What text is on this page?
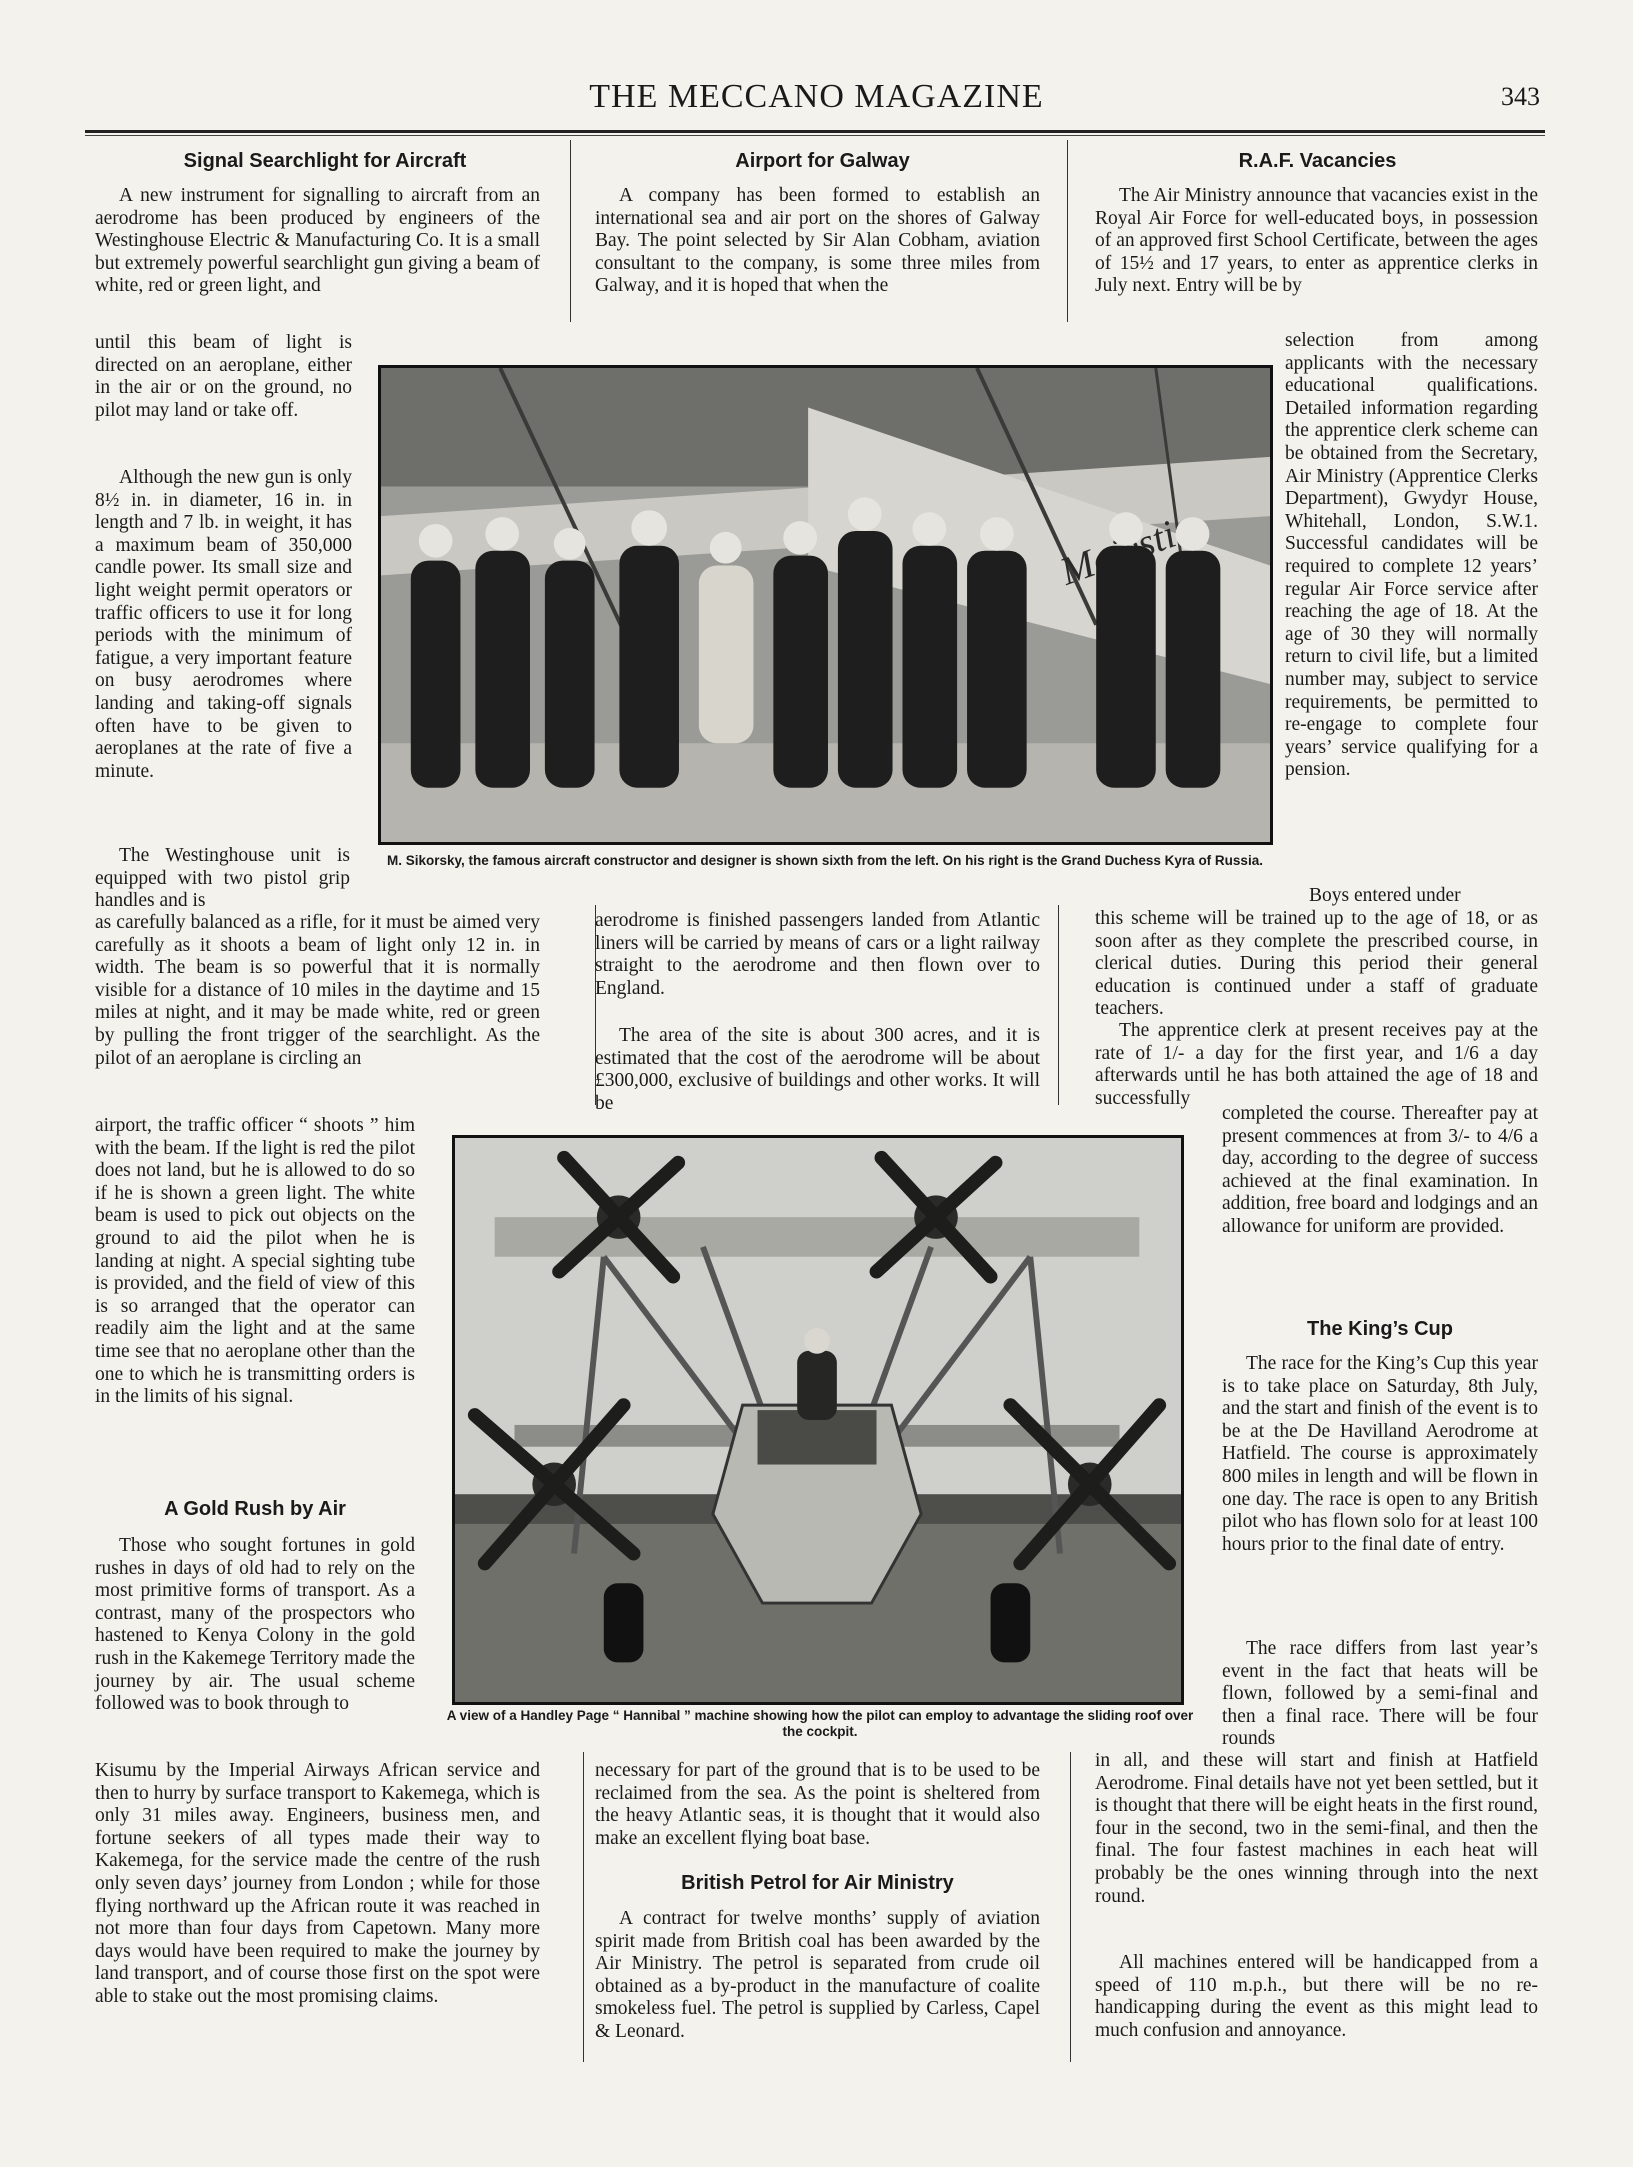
THE MECCANO MAGAZINE	343
Signal Searchlight for Aircraft

A new instrument for signalling to aircraft from an aerodrome has been produced by engineers of the Westinghouse Electric & Manufacturing Co. It is a small but extremely powerful searchlight gun giving a beam of white, red or green light, and

until this beam of light is directed on an aeroplane, either in the air or on the ground, no pilot may land or take off.

Although the new gun is only 8½ in. in diameter, 16 in. in length and 7 lb. in weight, it has a maximum beam of 350,000 candle power. Its small size and light weight permit operators or traffic officers to use it for long periods with the minimum of fatigue, a very important feature on busy aerodromes where landing and taking-off signals often have to be given to aeroplanes at the rate of five a minute.

The Westinghouse unit is equipped with two pistol grip handles and is

as carefully balanced as a rifle, for it must be aimed very carefully as it shoots a beam of light only 12 in. in width. The beam is so powerful that it is normally visible for a distance of 10 miles in the daytime and 15 miles at night, and it may be made white, red or green by pulling the front trigger of the searchlight. As the pilot of an aeroplane is circling an

airport, the traffic officer “ shoots ” him with the beam. If the light is red the pilot does not land, but he is allowed to do so if he is shown a green light. The white beam is used to pick out objects on the ground to aid the pilot when he is landing at night. A special sighting tube is provided, and the field of view of this is so arranged that the operator can readily aim the light and at the same time see that no aeroplane other than the one to which he is transmitting orders is in the limits of his signal.

A Gold Rush by Air

Those who sought fortunes in gold rushes in days of old had to rely on the most primitive forms of transport. As a contrast, many of the prospectors who hastened to Kenya Colony in the gold rush in the Kakemege Territory made the journey by air. The usual scheme followed was to book through to

Kisumu by the Imperial Airways African service and then to hurry by surface transport to Kakemega, which is only 31 miles away. Engineers, business men, and fortune seekers of all types made their way to Kakemega, for the service made the centre of the rush only seven days’ journey from London ; while for those flying northward up the African route it was reached in not more than four days from Capetown. Many more days would have been required to make the journey by land transport, and of course those first on the spot were able to stake out the most promising claims.

Airport for Galway

A company has been formed to establish an international sea and air port on the shores of Galway Bay. The point selected by Sir Alan Cobham, aviation consultant to the company, is some three miles from Galway, and it is hoped that when the

aerodrome is finished passengers landed from Atlantic liners will be carried by means of cars or a light railway straight to the aerodrome and then flown over to England.

The area of the site is about 300 acres, and it is estimated that the cost of the aerodrome will be about £300,000, exclusive of buildings and other works. It will be

necessary for part of the ground that is to be used to be reclaimed from the sea. As the point is sheltered from the heavy Atlantic seas, it is thought that it would also make an excellent flying boat base.

British Petrol for Air Ministry

A contract for twelve months’ supply of aviation spirit made from British coal has been awarded by the Air Ministry. The petrol is separated from crude oil obtained as a by-product in the manufacture of coalite smokeless fuel. The petrol is supplied by Carless, Capel & Leonard.

R.A.F. Vacancies

The Air Ministry announce that vacancies exist in the Royal Air Force for well-educated boys, in possession of an approved first School Certificate, between the ages of 15½ and 17 years, to enter as apprentice clerks in July next. Entry will be by

selection from among applicants with the necessary educational qualifications. Detailed information regarding the apprentice clerk scheme can be obtained from the Secretary, Air Ministry (Apprentice Clerks Department), Gwydyr House, Whitehall, London, S.W.1. Successful candidates will be required to complete 12 years’ regular Air Force service after reaching the age of 18. At the age of 30 they will normally return to civil life, but a limited number may, subject to service requirements, be permitted to re-engage to complete four years’ service qualifying for a pension.

Boys entered under

this scheme will be trained up to the age of 18, or as soon after as they complete the prescribed course, in clerical duties. During this period their general education is continued under a staff of graduate teachers.

The apprentice clerk at present receives pay at the rate of 1/- a day for the first year, and 1/6 a day afterwards until he has both attained the age of 18 and successfully

completed the course. Thereafter pay at present commences at from 3/- to 4/6 a day, according to the degree of success achieved at the final examination. In addition, free board and lodgings and an allowance for uniform are provided.

The King’s Cup

The race for the King’s Cup this year is to take place on Saturday, 8th July, and the start and finish of the event is to be at the De Havilland Aerodrome at Hatfield. The course is approximately 800 miles in length and will be flown in one day. The race is open to any British pilot who has flown solo for at least 100 hours prior to the final date of entry.

The race differs from last year’s event in the fact that heats will be flown, followed by a semi-final and then a final race. There will be four rounds

in all, and these will start and finish at Hatfield Aerodrome. Final details have not yet been settled, but it is thought that there will be eight heats in the first round, four in the second, two in the semi-final, and then the final. The four fastest machines in each heat will probably be the ones winning through into the next round.

All machines entered will be handicapped from a speed of 110 m.p.h., but there will be no re-handicapping during the event as this might lead to much confusion and annoyance.

M. Sikorsky, the famous aircraft constructor and designer is shown sixth from the left. On his right is the Grand Duchess Kyra of Russia.
A view of a Handley Page “ Hannibal ” machine showing how the pilot can employ to advantage the sliding roof over the cockpit.
